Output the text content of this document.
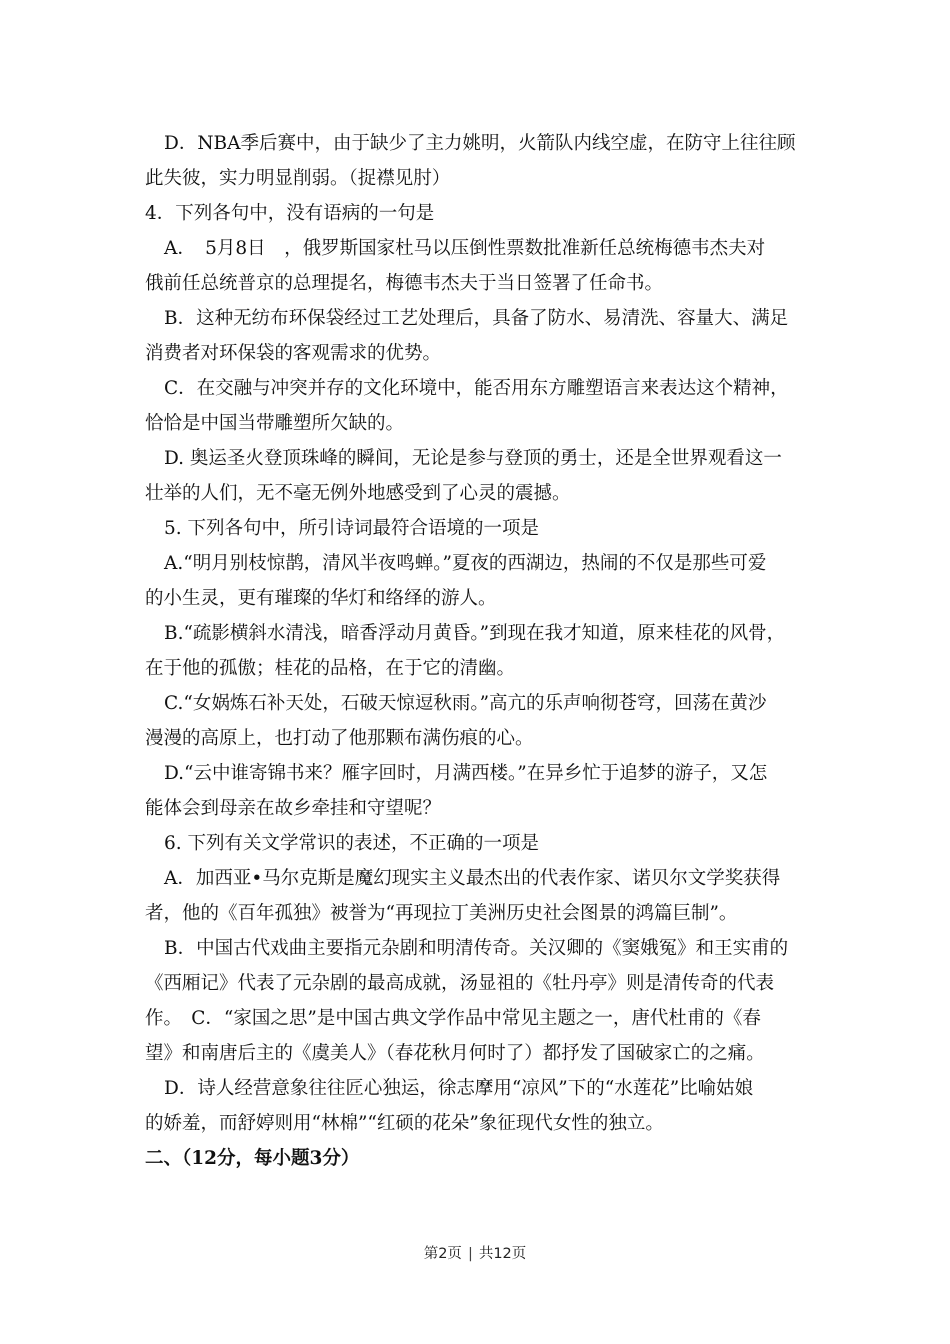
D．NBA季后赛中，由于缺少了主力姚明，火箭队内线空虚，在防守上往往顾
此失彼，实力明显削弱。（捉襟见肘）
4．下列各句中，没有语病的一句是
A．　5月8日　，俄罗斯国家杜马以压倒性票数批准新任总统梅德韦杰夫对
俄前任总统普京的总理提名，梅德韦杰夫于当日签署了任命书。
B．这种无纺布环保袋经过工艺处理后，具备了防水、易清洗、容量大、满足
消费者对环保袋的客观需求的优势。
C．在交融与冲突并存的文化环境中，能否用东方雕塑语言来表达这个精神，
恰恰是中国当带雕塑所欠缺的。
D. 奥运圣火登顶珠峰的瞬间，无论是参与登顶的勇士，还是全世界观看这一
壮举的人们，无不毫无例外地感受到了心灵的震撼。
5. 下列各句中，所引诗词最符合语境的一项是
A.“明月别枝惊鹊，清风半夜鸣蝉。”夏夜的西湖边，热闹的不仅是那些可爱
的小生灵，更有璀璨的华灯和络绎的游人。
B.“疏影横斜水清浅，暗香浮动月黄昏。”到现在我才知道，原来桂花的风骨，
在于他的孤傲；桂花的品格，在于它的清幽。
C.“女娲炼石补天处，石破天惊逗秋雨。”高亢的乐声响彻苍穹，回荡在黄沙
漫漫的高原上，也打动了他那颗布满伤痕的心。
D.“云中谁寄锦书来？雁字回时，月满西楼。”在异乡忙于追梦的游子，又怎
能体会到母亲在故乡牵挂和守望呢？
6. 下列有关文学常识的表述，不正确的一项是
A．加西亚•马尔克斯是魔幻现实主义最杰出的代表作家、诺贝尔文学奖获得
者，他的《百年孤独》被誉为“再现拉丁美洲历史社会图景的鸿篇巨制”。
B．中国古代戏曲主要指元杂剧和明清传奇。关汉卿的《窦娥冤》和王实甫的
《西厢记》代表了元杂剧的最高成就，汤显祖的《牡丹亭》则是清传奇的代表
作。　C．“家国之思”是中国古典文学作品中常见主题之一，唐代杜甫的《春
望》和南唐后主的《虞美人》（春花秋月何时了）都抒发了国破家亡的之痛。
D．诗人经营意象往往匠心独运，徐志摩用“凉风”下的“水莲花”比喻姑娘
的娇羞，而舒婷则用“林棉”“红硕的花朵”象征现代女性的独立。
二、（12分，每小题3分）
第2页 | 共12页
